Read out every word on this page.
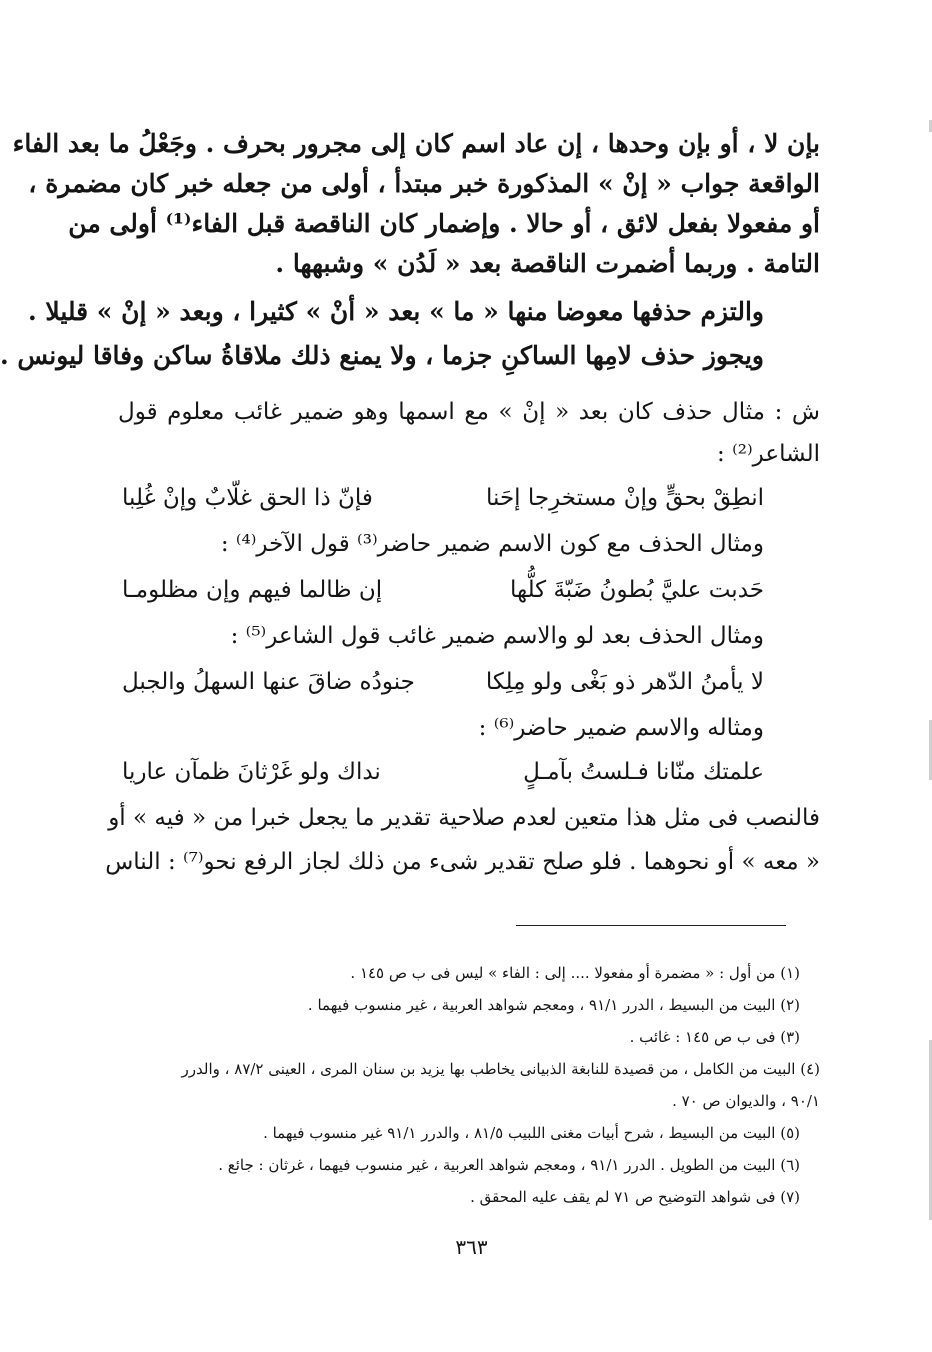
بإن لا ، أو بإن وحدها ، إن عاد اسم كان إلى مجرور بحرف . وجَعْلُ ما بعد الفاء
الواقعة جواب « إنْ » المذكورة خبر مبتدأ ، أولى من جعله خبر كان مضمرة ،
أو مفعولا بفعل لائق ، أو حالا . وإضمار كان الناقصة قبل الفاء⁽¹⁾ أولى من
التامة . وربما أضمرت الناقصة بعد « لَدُن » وشبهها .
والتزم حذفها معوضا منها « ما » بعد « أنْ » كثيرا ، وبعد « إنْ » قليلا .
ويجوز حذف لامِها الساكنِ جزما ، ولا يمنع ذلك ملاقاةُ ساكن وفاقا ليونس .
ش : مثال حذف كان بعد « إنْ » مع اسمها وهو ضمير غائب معلوم قول
الشاعر⁽²⁾ :
انطِقْ بحقٍّ وإنْ مستخرِجا إحَنا
فإنّ ذا الحق غلّابٌ وإنْ غُلِبا
ومثال الحذف مع كون الاسم ضمير حاضر⁽³⁾ قول الآخر⁽⁴⁾ :
حَدبت عليَّ بُطونُ ضَبّةَ كلُّها
إن ظالما فيهم وإن مظلومـا
ومثال الحذف بعد لو والاسم ضمير غائب قول الشاعر⁽⁵⁾ :
لا يأمنُ الدّهر ذو بَغْى ولو مِلِكا
جنودُه ضاقَ عنها السهلُ والجبل
ومثاله والاسم ضمير حاضر⁽⁶⁾ :
علمتك منّانا فـلستُ بآمـلٍ
نداك ولو غَرْثانَ ظمآن عاريا
فالنصب فى مثل هذا متعين لعدم صلاحية تقدير ما يجعل خبرا من « فيه » أو
« معه » أو نحوهما . فلو صلح تقدير شىء من ذلك لجاز الرفع نحو⁽⁷⁾ : الناس
(١) من أول : « مضمرة أو مفعولا .... إلى : الفاء » ليس فى ب ص ١٤٥ .
(٢) البيت من البسيط ، الدرر ٩١/١ ، ومعجم شواهد العربية ، غير منسوب فيهما .
(٣) فى ب ص ١٤٥ : غائب .
(٤) البيت من الكامل ، من قصيدة للنابغة الذبيانى يخاطب بها يزيد بن سنان المرى ، العينى ٨٧/٢ ، والدرر
٩٠/١ ، والديوان ص ٧٠ .
(٥) البيت من البسيط ، شرح أبيات مغنى اللبيب ٨١/٥ ، والدرر ٩١/١ غير منسوب فيهما .
(٦) البيت من الطويل . الدرر ٩١/١ ، ومعجم شواهد العربية ، غير منسوب فيهما ، غرثان : جائع .
(٧) فى شواهد التوضيح ص ٧١ لم يقف عليه المحقق .
٣٦٣
